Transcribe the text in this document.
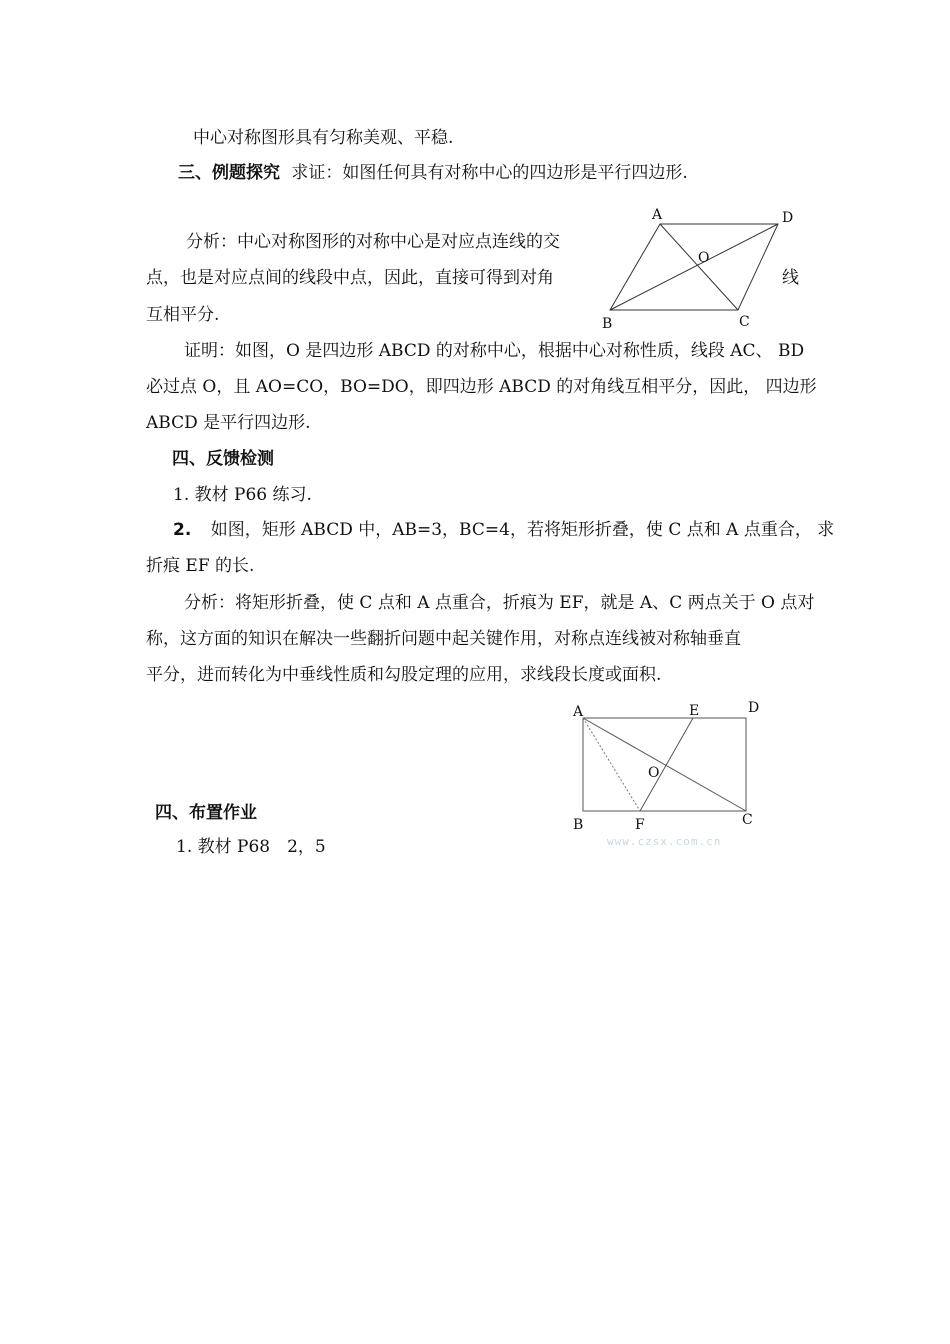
中心对称图形具有匀称美观、平稳.
三、例题探究 求证：如图任何具有对称中心的四边形是平行四边形.
分析：中心对称图形的对称中心是对应点连线的交
点，也是对应点间的线段中点，因此，直接可得到对角	线
互相平分.
A	D
O
B	C
证明：如图，O 是四边形 ABCD 的对称中心，根据中心对称性质，线段 AC、 BD
必过点 O，且 AO=CO，BO=DO，即四边形 ABCD 的对角线互相平分，因此， 四边形
ABCD 是平行四边形.
四、反馈检测
1. 教材 P66 练习.
2. 如图，矩形 ABCD 中，AB=3，BC=4，若将矩形折叠，使 C 点和 A 点重合， 求
折痕 EF 的长.
分析：将矩形折叠，使 C 点和 A 点重合，折痕为 EF，就是 A、C 两点关于 O 点对
称，这方面的知识在解决一些翻折问题中起关键作用，对称点连线被对称轴垂直
平分，进而转化为中垂线性质和勾股定理的应用，求线段长度或面积.
A	E	D
O
B	F	C
www.czsx.com.cn
四、布置作业
1. 教材 P68　2，5
